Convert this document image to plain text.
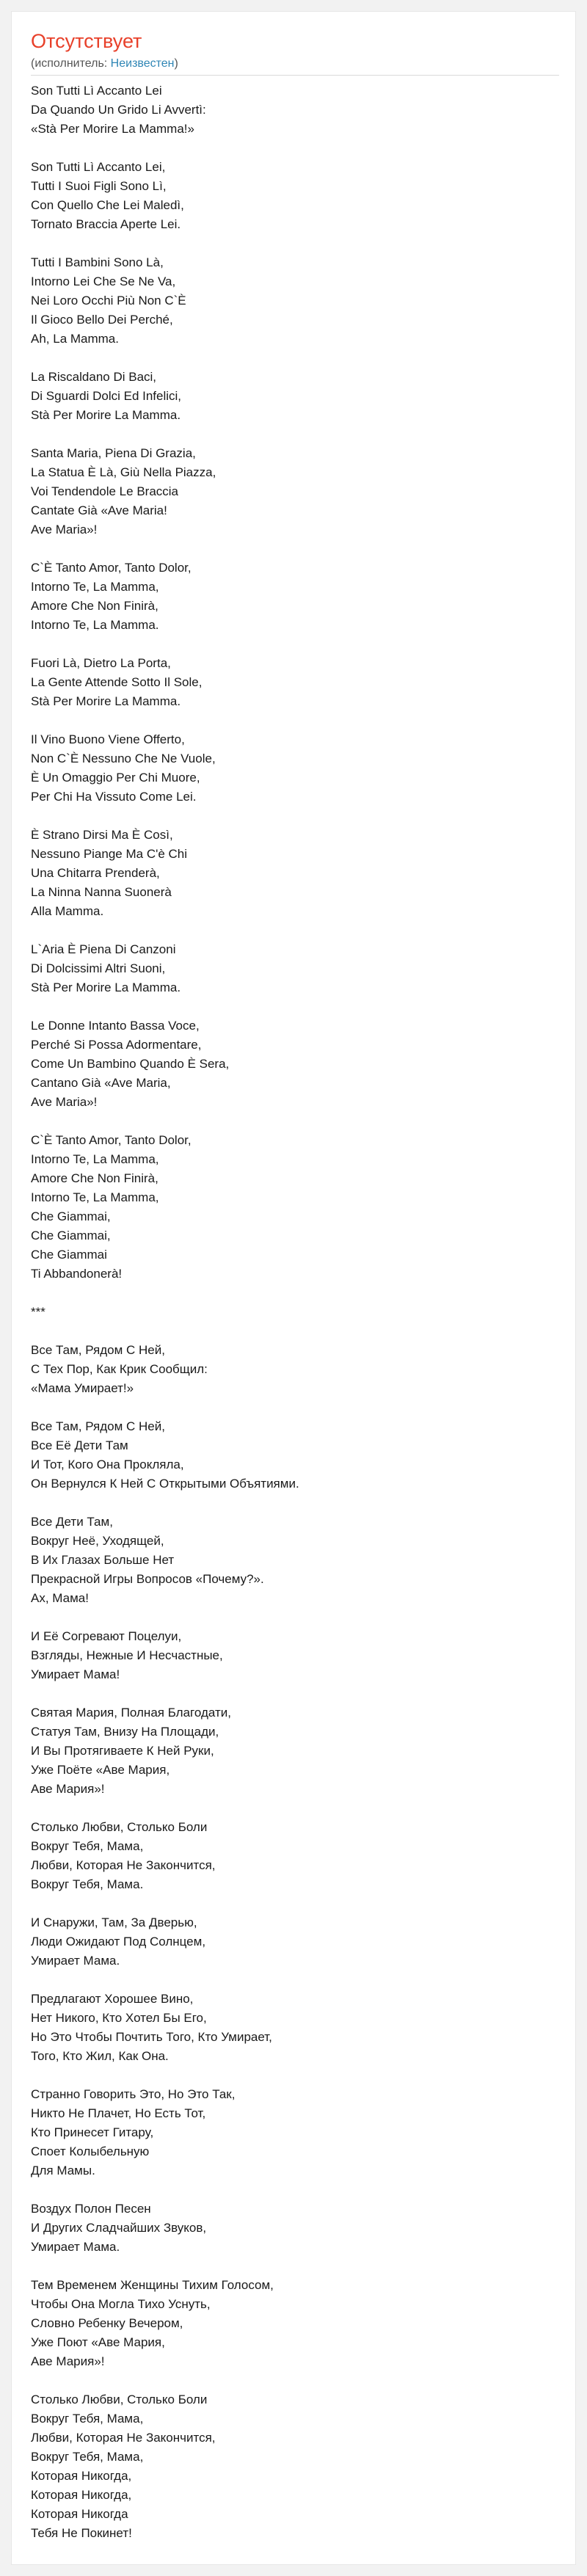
Отсутствует
(исполнитель: Неизвестен)
Son Tutti Lì Accanto Lei
Da Quando Un Grido Li Avvertì:
«Stà Per Morire La Mamma!»
Son Tutti Lì Accanto Lei,
Tutti I Suoi Figli Sono Lì,
Con Quello Che Lei Maledì,
Tornato Braccia Aperte Lei.
Tutti I Bambini Sono Là,
Intorno Lei Che Se Ne Va,
Nei Loro Occhi Più Non C`È
Il Gioco Bello Dei Perché,
Ah, La Mamma.
La Riscaldano Di Baci,
Di Sguardi Dolci Ed Infelici,
Stà Per Morire La Mamma.
Santa Maria, Piena Di Grazia,
La Statua È Là, Giù Nella Piazza,
Voi Tendendole Le Braccia
Cantate Già «Ave Maria!
Ave Maria»!
C`È Tanto Amor, Tanto Dolor,
Intorno Te, La Mamma,
Amore Che Non Finirà,
Intorno Te, La Mamma.
Fuori Là, Dietro La Porta,
La Gente Attende Sotto Il Sole,
Stà Per Morire La Mamma.
Il Vino Buono Viene Offerto,
Non C`È Nessuno Che Ne Vuole,
È Un Omaggio Per Chi Muore,
Per Chi Ha Vissuto Come Lei.
È Strano Dirsi Ma È Così,
Nessuno Piange Ma C'è Chi
Una Chitarra Prenderà,
La Ninna Nanna Suonerà
Alla Mamma.
L`Aria È Piena Di Canzoni
Di Dolcissimi Altri Suoni,
Stà Per Morire La Mamma.
Le Donne Intanto Bassa Voce,
Perché Si Possa Adormentare,
Come Un Bambino Quando È Sera,
Cantano Già «Ave Maria,
Ave Maria»!
C`È Tanto Amor, Tanto Dolor,
Intorno Te, La Mamma,
Amore Che Non Finirà,
Intorno Te, La Mamma,
Che Giammai,
Che Giammai,
Che Giammai
Ti Abbandonerà!
***
Все Там, Рядом С Ней,
С Тех Пор, Как Крик Сообщил:
«Мама Умирает!»
Все Там, Рядом С Ней,
Все Её Дети Там
И Тот, Кого Она Прокляла,
Он Вернулся К Ней С Открытыми Объятиями.
Все Дети Там,
Вокруг Неё, Уходящей,
В Их Глазах Больше Нет
Прекрасной Игры Вопросов «Почему?».
Ах, Мама!
И Её Согревают Поцелуи,
Взгляды, Нежные И Несчастные,
Умирает Мама!
Святая Мария, Полная Благодати,
Статуя Там, Внизу На Площади,
И Вы Протягиваете К Ней Руки,
Уже Поёте «Аве Мария,
Аве Мария»!
Столько Любви, Столько Боли
Вокруг Тебя, Мама,
Любви, Которая Не Закончится,
Вокруг Тебя, Мама.
И Снаружи, Там, За Дверью,
Люди Ожидают Под Солнцем,
Умирает Мама.
Предлагают Хорошее Вино,
Нет Никого, Кто Хотел Бы Его,
Но Это Чтобы Почтить Того, Кто Умирает,
Того, Кто Жил, Как Она.
Странно Говорить Это, Но Это Так,
Никто Не Плачет, Но Есть Тот,
Кто Принесет Гитару,
Споет Колыбельную
Для Мамы.
Воздух Полон Песен
И Других Сладчайших Звуков,
Умирает Мама.
Тем Временем Женщины Тихим Голосом,
Чтобы Она Могла Тихо Уснуть,
Словно Ребенку Вечером,
Уже Поют «Аве Мария,
Аве Мария»!
Столько Любви, Столько Боли
Вокруг Тебя, Мама,
Любви, Которая Не Закончится,
Вокруг Тебя, Мама,
Которая Никогда,
Которая Никогда,
Которая Никогда
Тебя Не Покинет!
